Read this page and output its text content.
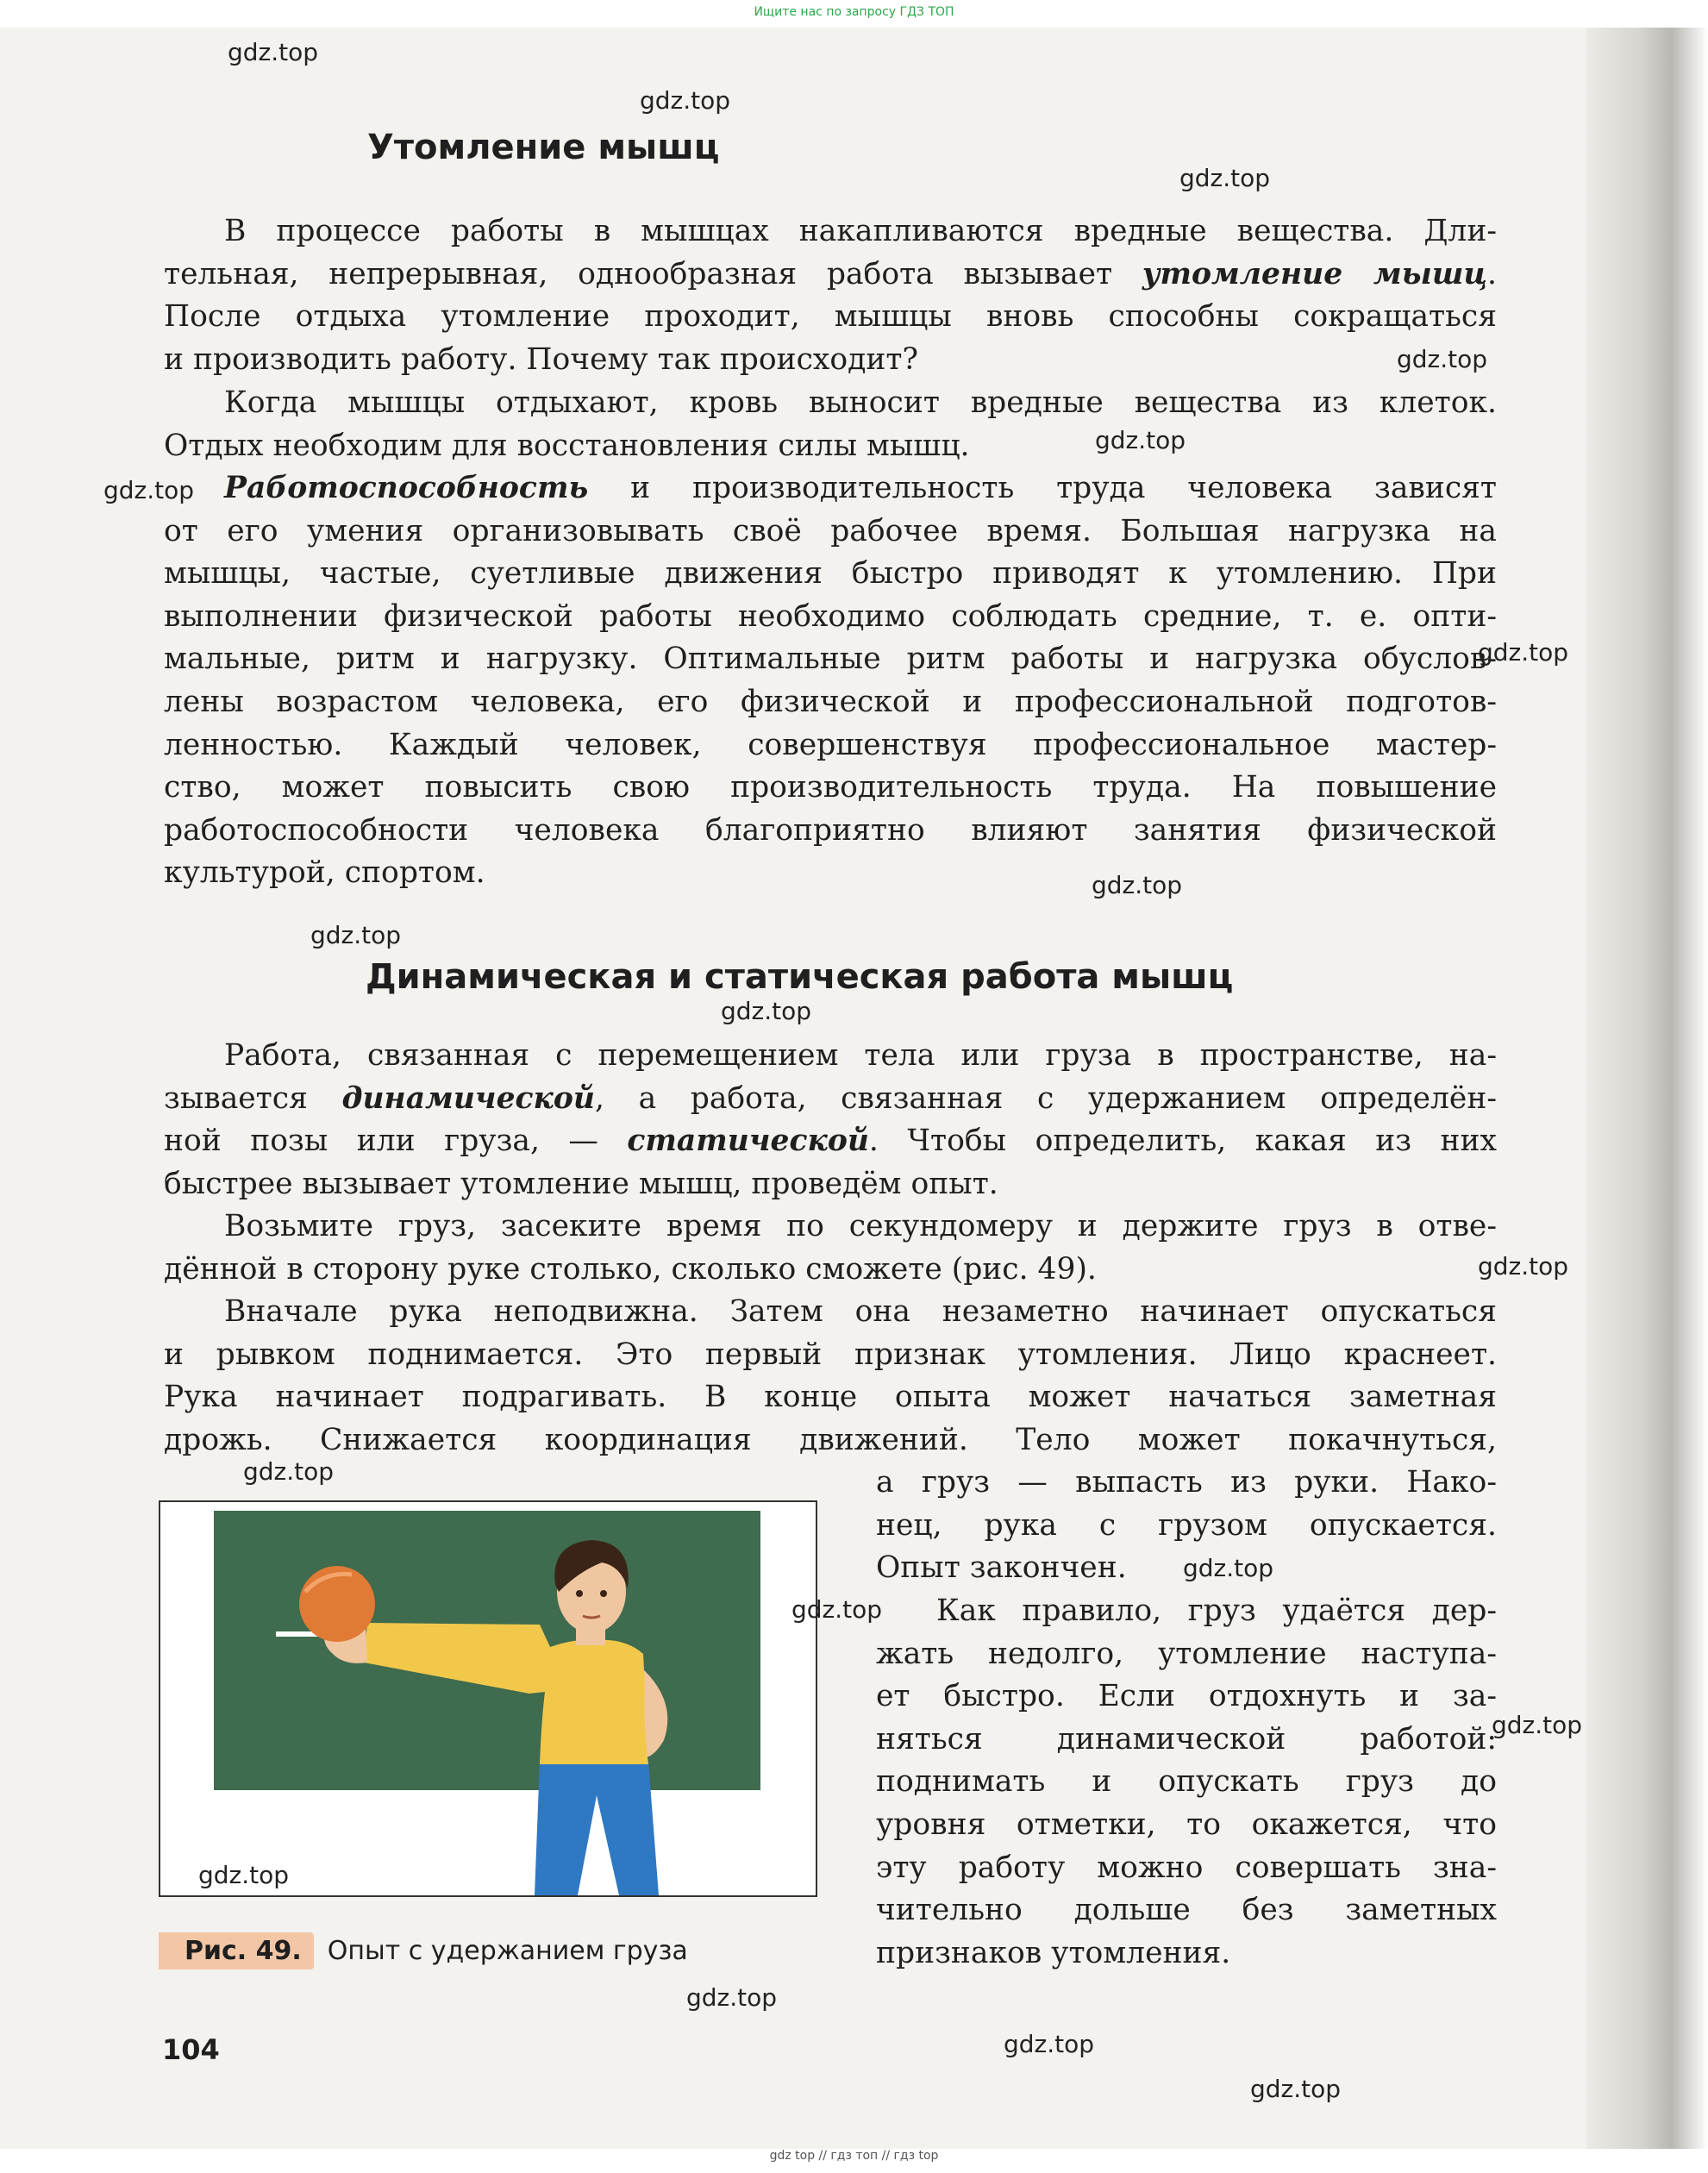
Ищите нас по запросу ГДЗ ТОП
Утомление мышц

В процессе работы в мышцах накапливаются вредные вещества. Дли-
тельная, непрерывная, однообразная работа вызывает утомление мышц.
После отдыха утомление проходит, мышцы вновь способны сокращаться
и производить работу. Почему так происходит?

Когда мышцы отдыхают, кровь выносит вредные вещества из клеток.
Отдых необходим для восстановления силы мышц.

Работоспособность и производительность труда человека зависят
от его умения организовывать своё рабочее время. Большая нагрузка на
мышцы, частые, суетливые движения быстро приводят к утомлению. При
выполнении физической работы необходимо соблюдать средние, т. е. опти-
мальные, ритм и нагрузку. Оптимальные ритм работы и нагрузка обуслов-
лены возрастом человека, его физической и профессиональной подготов-
ленностью. Каждый человек, совершенствуя профессиональное мастер-
ство, может повысить свою производительность труда. На повышение
работоспособности человека благоприятно влияют занятия физической
культурой, спортом.

Динамическая и статическая работа мышц

Работа, связанная с перемещением тела или груза в пространстве, на-
зывается динамической, а работа, связанная с удержанием определён-
ной позы или груза, — статической. Чтобы определить, какая из них
быстрее вызывает утомление мышц, проведём опыт.

Возьмите груз, засеките время по секундомеру и держите груз в отве-
дённой в сторону руке столько, сколько сможете (рис. 49).

Вначале рука неподвижна. Затем она незаметно начинает опускаться
и рывком поднимается. Это первый признак утомления. Лицо краснеет.
Рука начинает подрагивать. В конце опыта может начаться заметная
дрожь. Снижается координация движений. Тело может покачнуться,

а груз — выпасть из руки. Нако-
нец, рука с грузом опускается.
Опыт закончен.

Как правило, груз удаётся дер-
жать недолго, утомление наступа-
ет быстро. Если отдохнуть и за-
няться динамической работой:
поднимать и опускать груз до
уровня отметки, то окажется, что
эту работу можно совершать зна-
чительно дольше без заметных
признаков утомления.

Рис. 49.	Опыт с удержанием груза
104
gdz.top
gdz.top
gdz.top
gdz.top
gdz.top
gdz.top
gdz.top
gdz.top
gdz.top
gdz.top
gdz.top
gdz.top
gdz.top
gdz.top
gdz.top
gdz.top
gdz.top
gdz.top
gdz.top
gdz top // гдз топ // гдз top
